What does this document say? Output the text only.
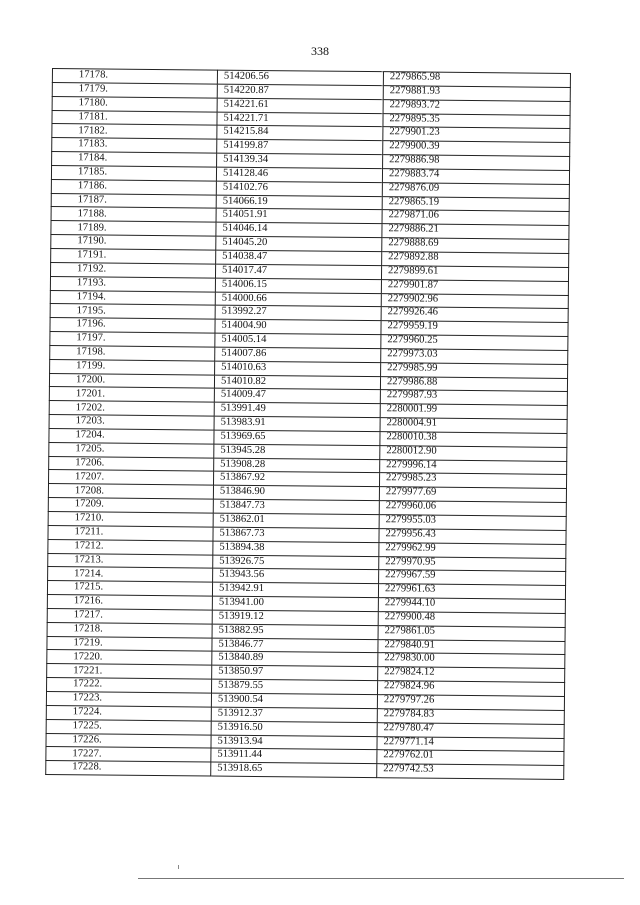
338
17178.	514206.56	2279865.98
17179.	514220.87	2279881.93
17180.	514221.61	2279893.72
17181.	514221.71	2279895.35
17182.	514215.84	2279901.23
17183.	514199.87	2279900.39
17184.	514139.34	2279886.98
17185.	514128.46	2279883.74
17186.	514102.76	2279876.09
17187.	514066.19	2279865.19
17188.	514051.91	2279871.06
17189.	514046.14	2279886.21
17190.	514045.20	2279888.69
17191.	514038.47	2279892.88
17192.	514017.47	2279899.61
17193.	514006.15	2279901.87
17194.	514000.66	2279902.96
17195.	513992.27	2279926.46
17196.	514004.90	2279959.19
17197.	514005.14	2279960.25
17198.	514007.86	2279973.03
17199.	514010.63	2279985.99
17200.	514010.82	2279986.88
17201.	514009.47	2279987.93
17202.	513991.49	2280001.99
17203.	513983.91	2280004.91
17204.	513969.65	2280010.38
17205.	513945.28	2280012.90
17206.	513908.28	2279996.14
17207.	513867.92	2279985.23
17208.	513846.90	2279977.69
17209.	513847.73	2279960.06
17210.	513862.01	2279955.03
17211.	513867.73	2279956.43
17212.	513894.38	2279962.99
17213.	513926.75	2279970.95
17214.	513943.56	2279967.59
17215.	513942.91	2279961.63
17216.	513941.00	2279944.10
17217.	513919.12	2279900.48
17218.	513882.95	2279861.05
17219.	513846.77	2279840.91
17220.	513840.89	2279830.00
17221.	513850.97	2279824.12
17222.	513879.55	2279824.96
17223.	513900.54	2279797.26
17224.	513912.37	2279784.83
17225.	513916.50	2279780.47
17226.	513913.94	2279771.14
17227.	513911.44	2279762.01
17228.	513918.65	2279742.53
